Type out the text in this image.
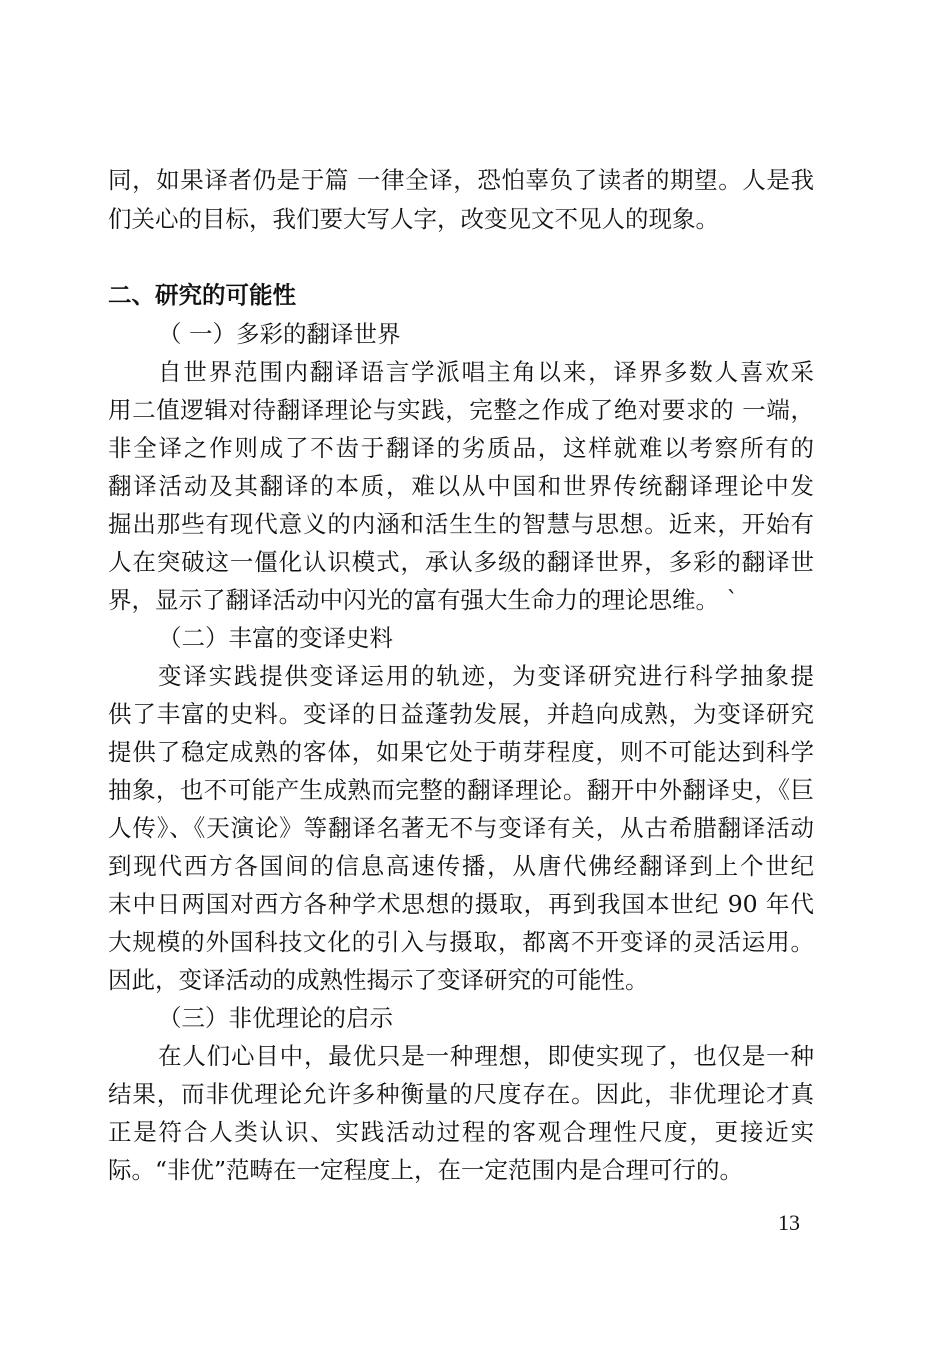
同，如果译者仍是于篇 一律全译，恐怕辜负了读者的期望。人是我
们关心的目标，我们要大写人字，改变见文不见人的现象。
二、研究的可能性
（ 一）多彩的翻译世界
自世界范围内翻译语言学派唱主角以来，译界多数人喜欢采
用二值逻辑对待翻译理论与实践，完整之作成了绝对要求的 一端，
非全译之作则成了不齿于翻译的劣质品，这样就难以考察所有的
翻译活动及其翻译的本质，难以从中国和世界传统翻译理论中发
掘出那些有现代意义的内涵和活生生的智慧与思想。近来，开始有
人在突破这一僵化认识模式，承认多级的翻译世界，多彩的翻译世
界，显示了翻译活动中闪光的富有强大生命力的理论思维。 `
（二）丰富的变译史料
变译实践提供变译运用的轨迹，为变译研究进行科学抽象提
供了丰富的史料。变译的日益蓬勃发展，并趋向成熟，为变译研究
提供了稳定成熟的客体，如果它处于萌芽程度，则不可能达到科学
抽象，也不可能产生成熟而完整的翻译理论。翻开中外翻译史，《巨
人传》、《天演论》等翻译名著无不与变译有关，从古希腊翻译活动
到现代西方各国间的信息高速传播，从唐代佛经翻译到上个世纪
末中日两国对西方各种学术思想的摄取，再到我国本世纪 90 年代
大规模的外国科技文化的引入与摄取，都离不开变译的灵活运用。
因此，变译活动的成熟性揭示了变译研究的可能性。
（三）非优理论的启示
在人们心目中，最优只是一种理想，即使实现了，也仅是一种
结果，而非优理论允许多种衡量的尺度存在。因此，非优理论才真
正是符合人类认识、实践活动过程的客观合理性尺度，更接近实
际。“非优”范畴在一定程度上，在一定范围内是合理可行的。
13
